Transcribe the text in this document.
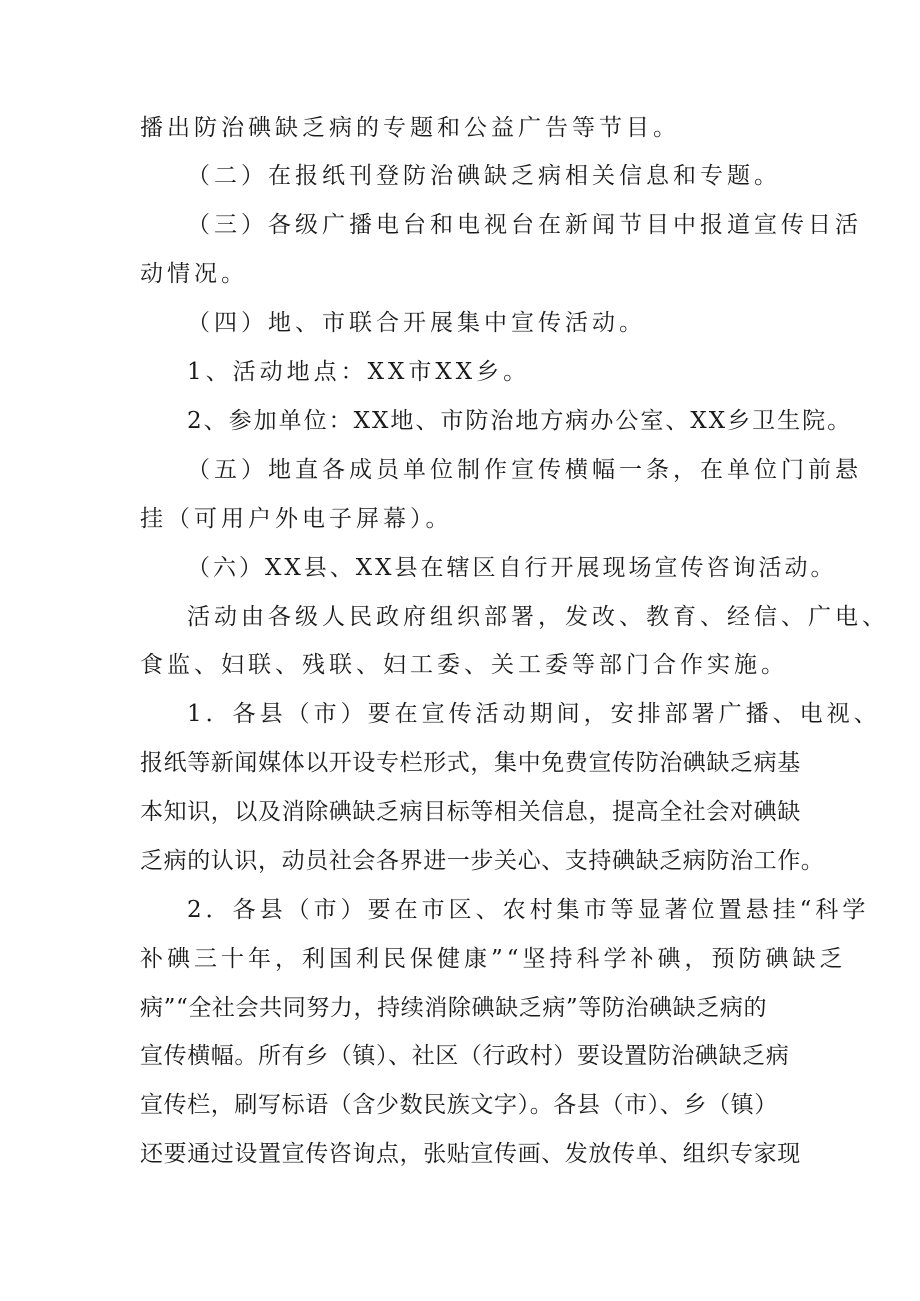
播出防治碘缺乏病的专题和公益广告等节目。
（二）在报纸刊登防治碘缺乏病相关信息和专题。
（三）各级广播电台和电视台在新闻节目中报道宣传日活
动情况。
（四）地、市联合开展集中宣传活动。
1、活动地点：XX市XX乡。
2、参加单位：XX地、市防治地方病办公室、XX乡卫生院。
（五）地直各成员单位制作宣传横幅一条，在单位门前悬
挂（可用户外电子屏幕）。
（六）XX县、XX县在辖区自行开展现场宣传咨询活动。
活动由各级人民政府组织部署，发改、教育、经信、广电、
食监、妇联、残联、妇工委、关工委等部门合作实施。
1．各县（市）要在宣传活动期间，安排部署广播、电视、
报纸等新闻媒体以开设专栏形式，集中免费宣传防治碘缺乏病基
本知识，以及消除碘缺乏病目标等相关信息，提高全社会对碘缺
乏病的认识，动员社会各界进一步关心、支持碘缺乏病防治工作。
2．各县（市）要在市区、农村集市等显著位置悬挂“科学
补碘三十年，利国利民保健康”“坚持科学补碘，预防碘缺乏
病”“全社会共同努力，持续消除碘缺乏病”等防治碘缺乏病的
宣传横幅。所有乡（镇）、社区（行政村）要设置防治碘缺乏病
宣传栏，刷写标语（含少数民族文字）。各县（市）、乡（镇）
还要通过设置宣传咨询点，张贴宣传画、发放传单、组织专家现
